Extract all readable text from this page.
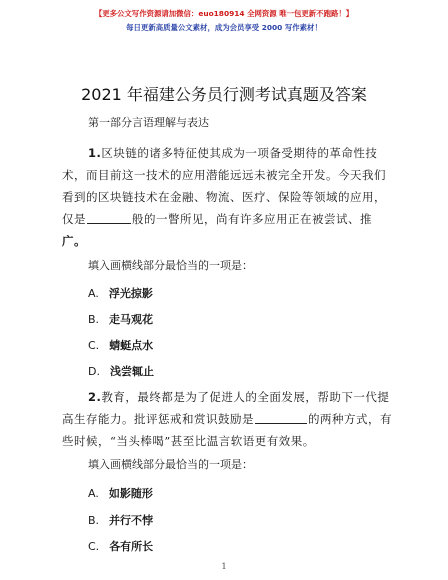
【更多公文写作资源请加微信：euo180914 全网资源 唯一包更新不跑路！】
每日更新高质量公文素材，成为会员享受 2000 写作素材！
2021 年福建公务员行测考试真题及答案
第一部分言语理解与表达
1.区块链的诸多特征使其成为一项备受期待的革命性技
术，而目前这一技术的应用潜能远远未被完全开发。今天我们
看到的区块链技术在金融、物流、医疗、保险等领域的应用，
仅是	般的一瞥所见，尚有许多应用正在被尝试、推
广。
填入画横线部分最恰当的一项是：
A. 浮光掠影
B. 走马观花
C. 蜻蜓点水
D. 浅尝辄止
2.教育，最终都是为了促进人的全面发展，帮助下一代提
高生存能力。批评惩戒和赏识鼓励是	的两种方式，有
些时候，“当头棒喝”甚至比温言软语更有效果。
填入画横线部分最恰当的一项是：
A. 如影随形
B. 并行不悖
C. 各有所长
1
